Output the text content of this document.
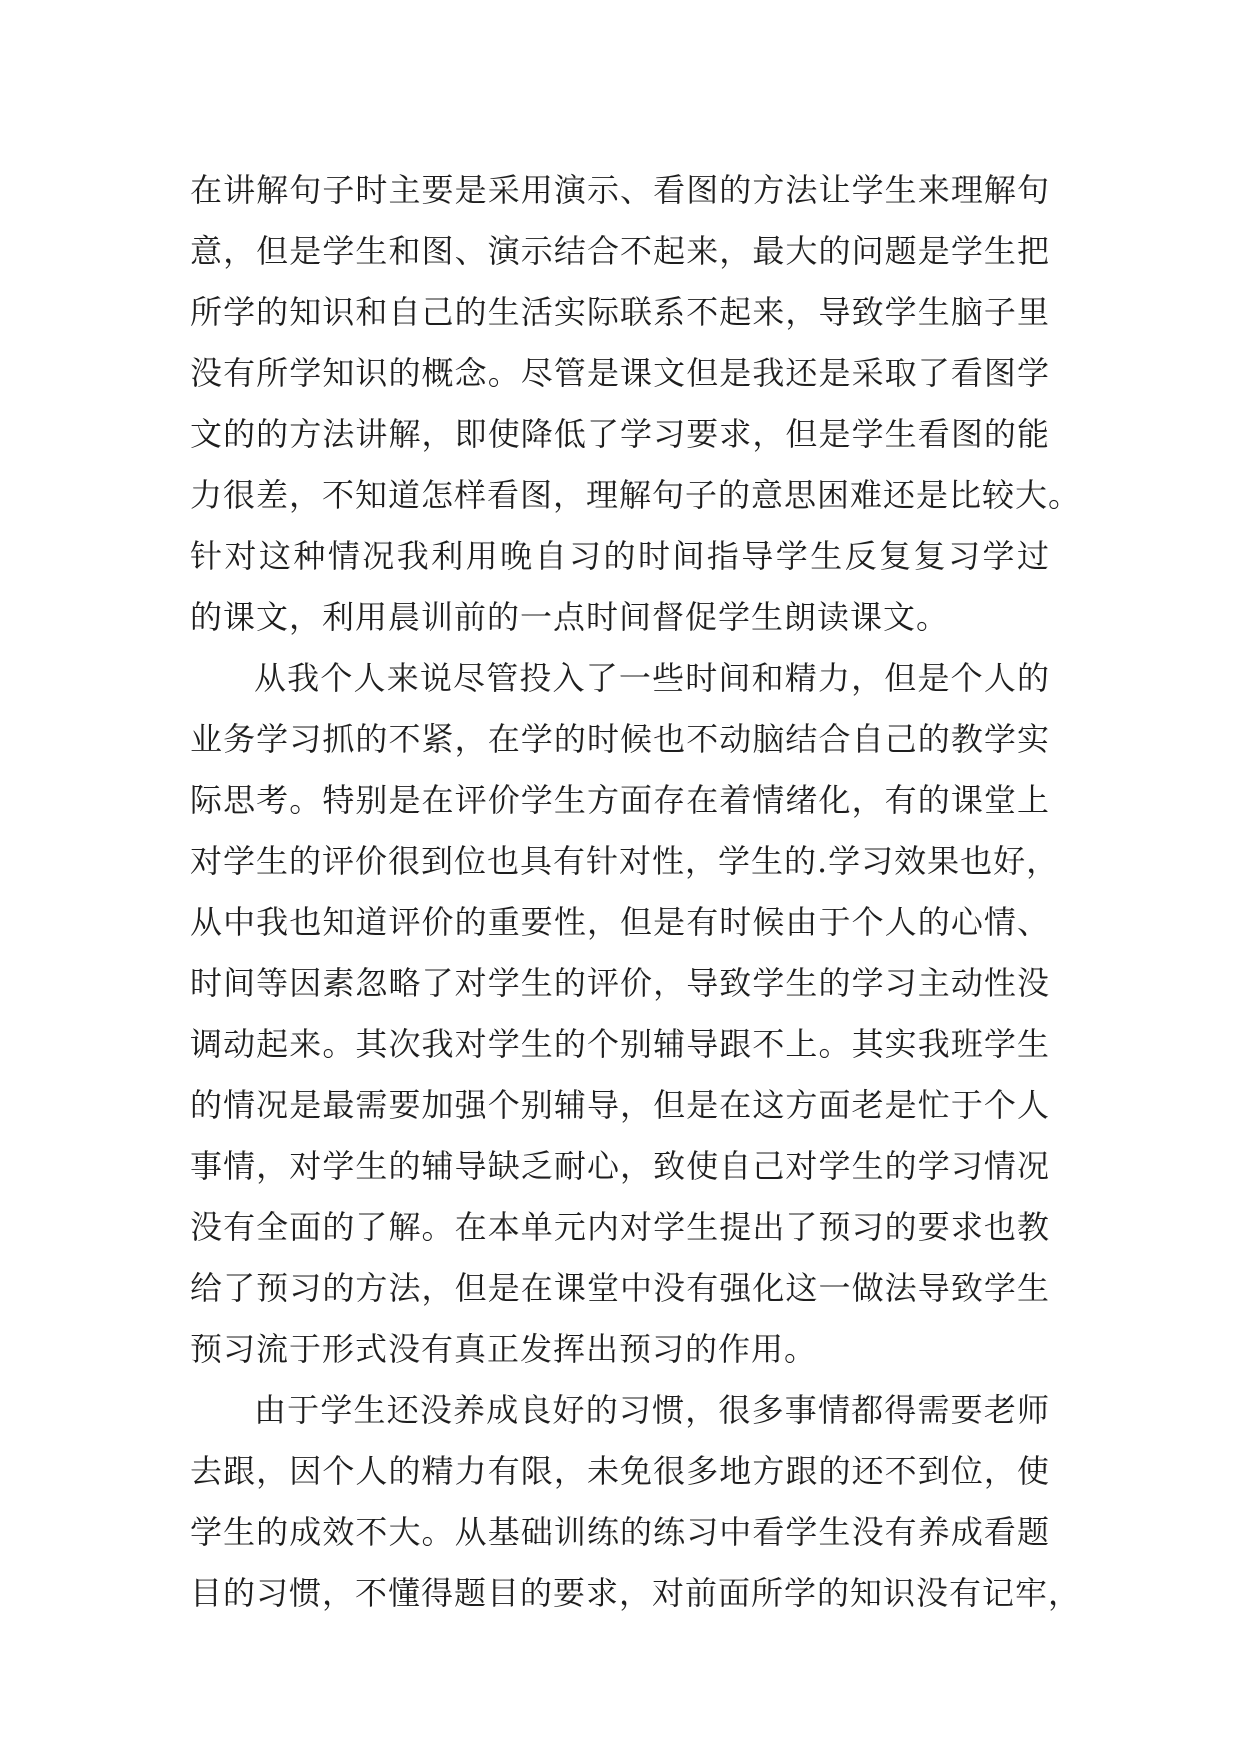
在讲解句子时主要是采用演示、看图的方法让学生来理解句
意，但是学生和图、演示结合不起来，最大的问题是学生把
所学的知识和自己的生活实际联系不起来，导致学生脑子里
没有所学知识的概念。尽管是课文但是我还是采取了看图学
文的的方法讲解，即使降低了学习要求，但是学生看图的能
力很差，不知道怎样看图，理解句子的意思困难还是比较大。
针对这种情况我利用晚自习的时间指导学生反复复习学过
的课文，利用晨训前的一点时间督促学生朗读课文。
从我个人来说尽管投入了一些时间和精力，但是个人的
业务学习抓的不紧，在学的时候也不动脑结合自己的教学实
际思考。特别是在评价学生方面存在着情绪化，有的课堂上
对学生的评价很到位也具有针对性，学生的.学习效果也好，
从中我也知道评价的重要性，但是有时候由于个人的心情、
时间等因素忽略了对学生的评价，导致学生的学习主动性没
调动起来。其次我对学生的个别辅导跟不上。其实我班学生
的情况是最需要加强个别辅导，但是在这方面老是忙于个人
事情，对学生的辅导缺乏耐心，致使自己对学生的学习情况
没有全面的了解。在本单元内对学生提出了预习的要求也教
给了预习的方法，但是在课堂中没有强化这一做法导致学生
预习流于形式没有真正发挥出预习的作用。
由于学生还没养成良好的习惯，很多事情都得需要老师
去跟，因个人的精力有限，未免很多地方跟的还不到位，使
学生的成效不大。从基础训练的练习中看学生没有养成看题
目的习惯，不懂得题目的要求，对前面所学的知识没有记牢，
